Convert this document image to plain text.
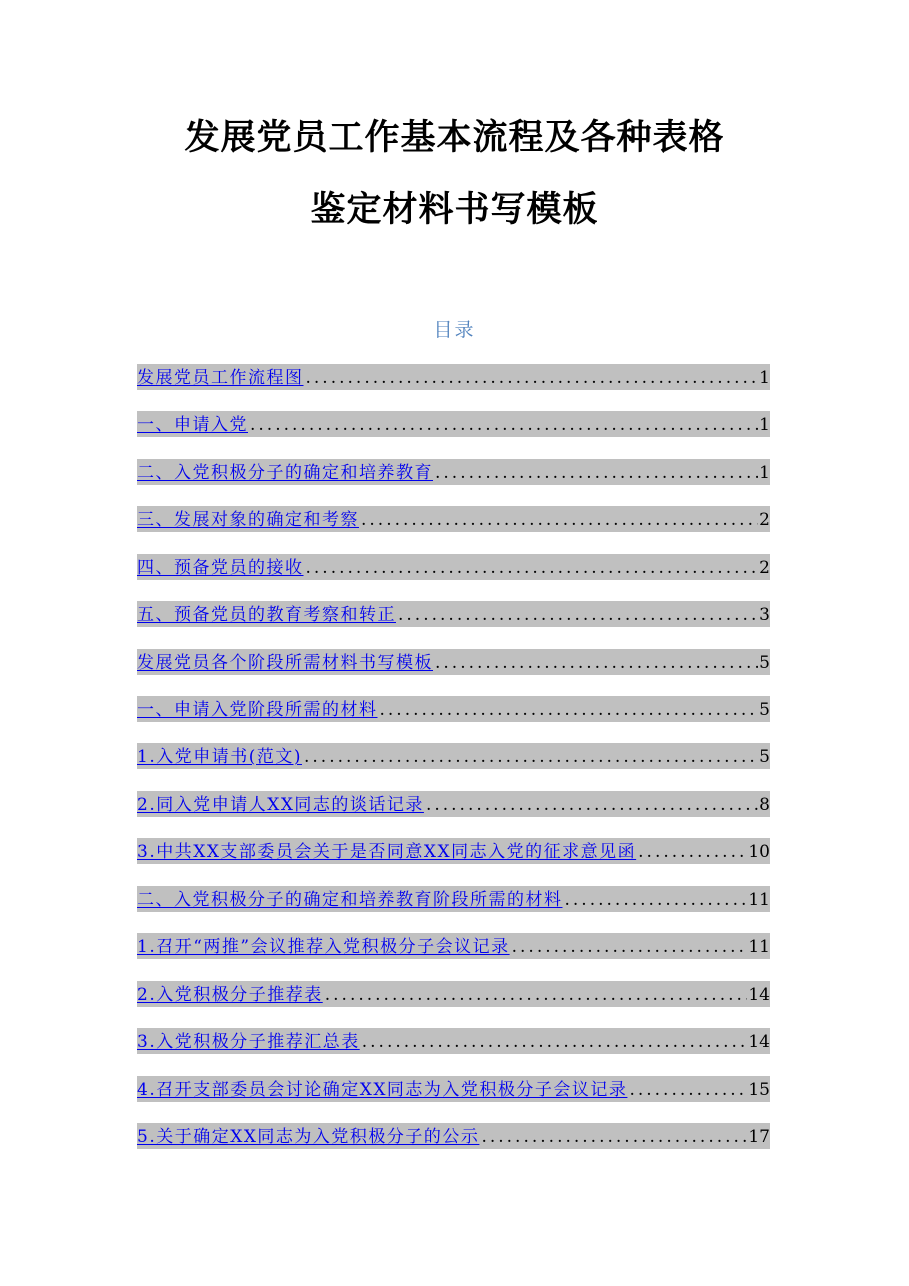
发展党员工作基本流程及各种表格
鉴定材料书写模板
目录
发展党员工作流程图 .....	1
一、申请入党 .....	1
二、入党积极分子的确定和培养教育 .....	1
三、发展对象的确定和考察 .....	2
四、预备党员的接收 .....	2
五、预备党员的教育考察和转正 .....	3
发展党员各个阶段所需材料书写模板 .....	5
一、申请入党阶段所需的材料 .....	5
1.入党申请书(范文) .....	5
2.同入党申请人XX同志的谈话记录 .....	8
3.中共XX支部委员会关于是否同意XX同志入党的征求意见函 .....	10
二、入党积极分子的确定和培养教育阶段所需的材料 .....	11
1.召开“两推”会议推荐入党积极分子会议记录 .....	11
2.入党积极分子推荐表 .....	14
3.入党积极分子推荐汇总表 .....	14
4.召开支部委员会讨论确定XX同志为入党积极分子会议记录 .....	15
5.关于确定XX同志为入党积极分子的公示 .....	17
